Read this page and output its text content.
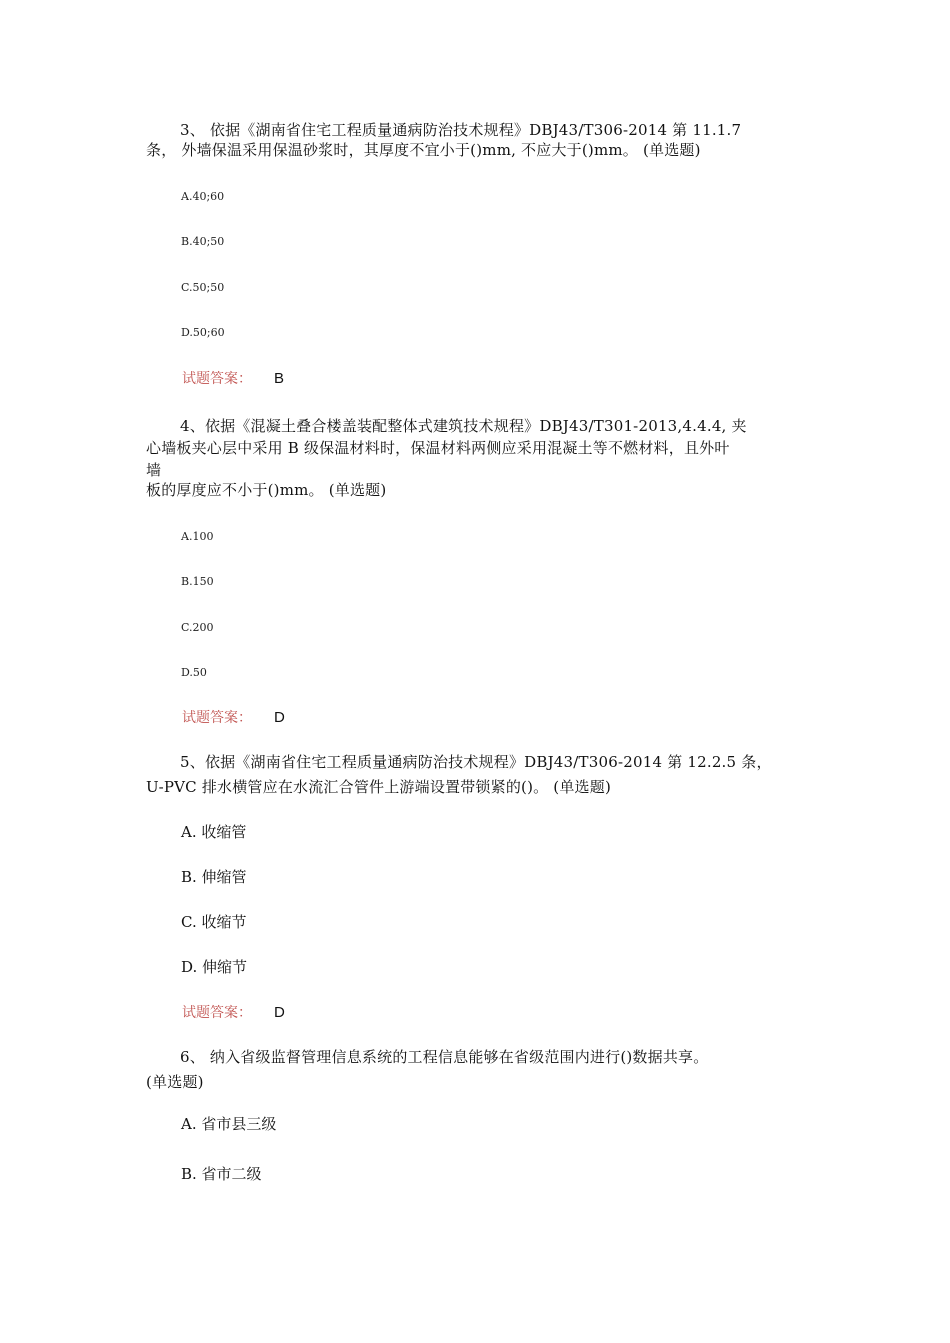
3、 依据《湖南省住宅工程质量通病防治技术规程》DBJ43/T306-2014 第 11.1.7
条， 外墙保温采用保温砂浆时，其厚度不宜小于()mm, 不应大于()mm。 (单选题)
A.40;60
B.40;50
C.50;50
D.50;60
试题答案： B
4、依据《混凝土叠合楼盖装配整体式建筑技术规程》DBJ43/T301-2013,4.4.4, 夹
心墙板夹心层中采用 B 级保温材料时，保温材料两侧应采用混凝土等不燃材料，且外叶
墙
板的厚度应不小于()mm。 (单选题)
A.100
B.150
C.200
D.50
试题答案： D
5、依据《湖南省住宅工程质量通病防治技术规程》DBJ43/T306-2014 第 12.2.5 条，
U-PVC 排水横管应在水流汇合管件上游端设置带锁紧的()。 (单选题)
A. 收缩管
B. 伸缩管
C. 收缩节
D. 伸缩节
试题答案： D
6、 纳入省级监督管理信息系统的工程信息能够在省级范围内进行()数据共享。
(单选题)
A. 省市县三级
B. 省市二级
